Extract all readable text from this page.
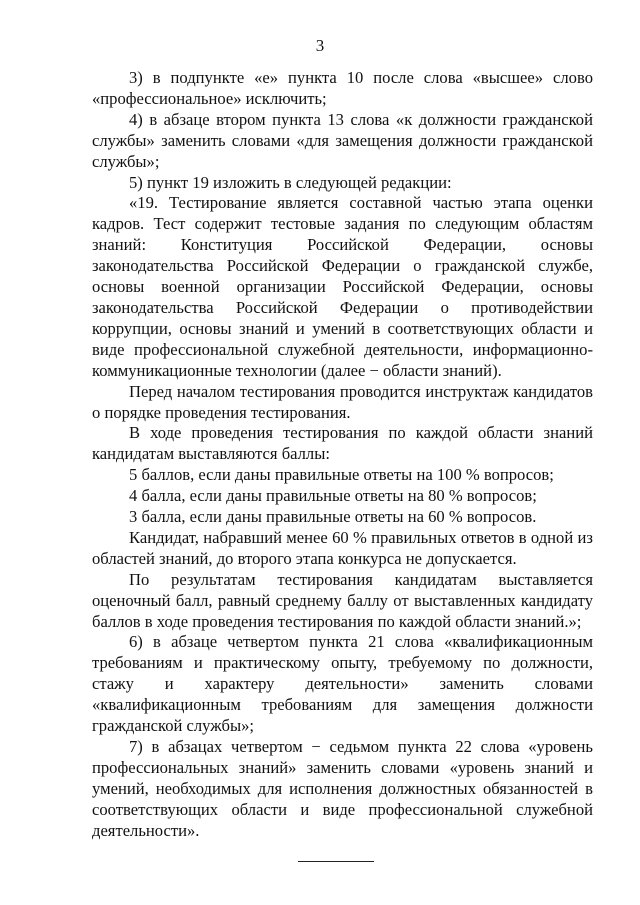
3

3) в подпункте «е» пункта 10 после слова «высшее» слово «профессиональное» исключить;

4) в абзаце втором пункта 13 слова «к должности гражданской службы» заменить словами «для замещения должности гражданской службы»;

5) пункт 19 изложить в следующей редакции:

«19. Тестирование является составной частью этапа оценки кадров. Тест содержит тестовые задания по следующим областям знаний: Конституция Российской Федерации, основы законодательства Российской Федерации о гражданской службе, основы военной организации Российской Федерации, основы законодательства Российской Федерации о противодействии коррупции, основы знаний и умений в соответствующих области и виде профессиональной служебной деятельности, информационно-коммуникационные технологии (далее − области знаний).

Перед началом тестирования проводится инструктаж кандидатов о порядке проведения тестирования.

В ходе проведения тестирования по каждой области знаний кандидатам выставляются баллы:

5 баллов, если даны правильные ответы на 100 % вопросов;

4 балла, если даны правильные ответы на 80 % вопросов;

3 балла, если даны правильные ответы на 60 % вопросов.

Кандидат, набравший менее 60 % правильных ответов в одной из областей знаний, до второго этапа конкурса не допускается.

По результатам тестирования кандидатам выставляется оценочный балл, равный среднему баллу от выставленных кандидату баллов в ходе проведения тестирования по каждой области знаний.»;

6) в абзаце четвертом пункта 21 слова «квалификационным требованиям и практическому опыту, требуемому по должности, стажу и характеру деятельности» заменить словами «квалификационным требованиям для замещения должности гражданской службы»;

7) в абзацах четвертом − седьмом пункта 22 слова «уровень профессиональных знаний» заменить словами «уровень знаний и умений, необходимых для исполнения должностных обязанностей в соответствующих области и виде профессиональной служебной деятельности».
